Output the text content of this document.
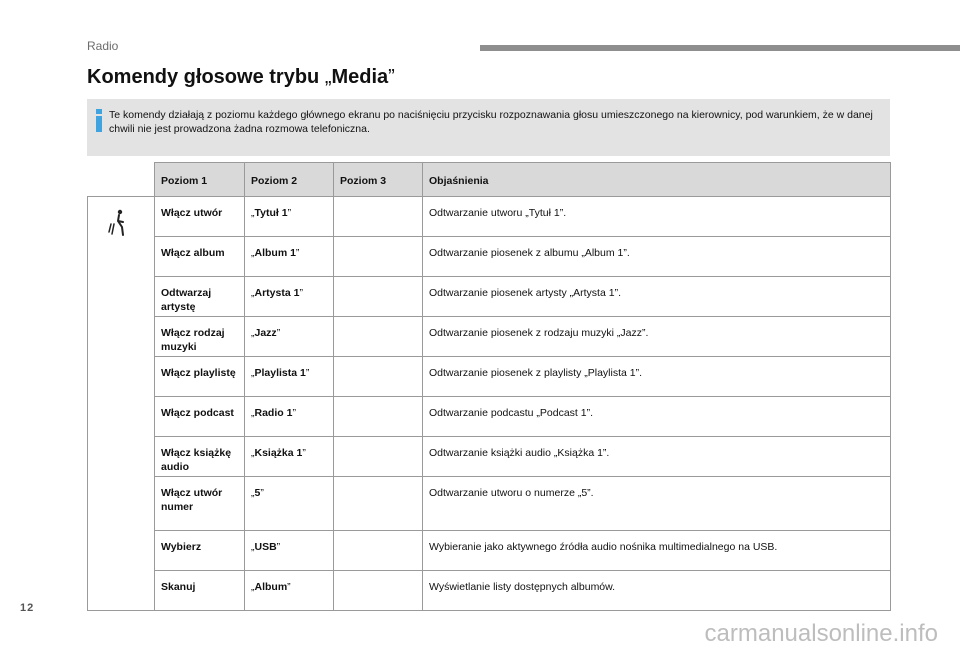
Radio
Komendy głosowe trybu „Media”
Te komendy działają z poziomu każdego głównego ekranu po naciśnięciu przycisku rozpoznawania głosu umieszczonego na kierownicy, pod warunkiem, że w danej chwili nie jest prowadzona żadna rozmowa telefoniczna.
	Poziom 1	Poziom 2	Poziom 3	Objaśnienia

	Włącz utwór	„Tytuł 1”		Odtwarzanie utworu „Tytuł 1”.
	Włącz album	„Album 1”		Odtwarzanie piosenek z albumu „Album 1”.
	Odtwarzaj artystę	„Artysta 1”		Odtwarzanie piosenek artysty „Artysta 1”.
	Włącz rodzaj muzyki	„Jazz”		Odtwarzanie piosenek z rodzaju muzyki „Jazz”.
	Włącz playlistę	„Playlista 1”		Odtwarzanie piosenek z playlisty „Playlista 1”.
	Włącz podcast	„Radio 1”		Odtwarzanie podcastu „Podcast 1”.
	Włącz książkę audio	„Książka 1”		Odtwarzanie książki audio „Książka 1”.
	Włącz utwór numer	„5”		Odtwarzanie utworu o numerze „5”.
	Wybierz	„USB”		Wybieranie jako aktywnego źródła audio nośnika multimedialnego na USB.
	Skanuj	„Album”		Wyświetlanie listy dostępnych albumów.
12
carmanualsonline.info
